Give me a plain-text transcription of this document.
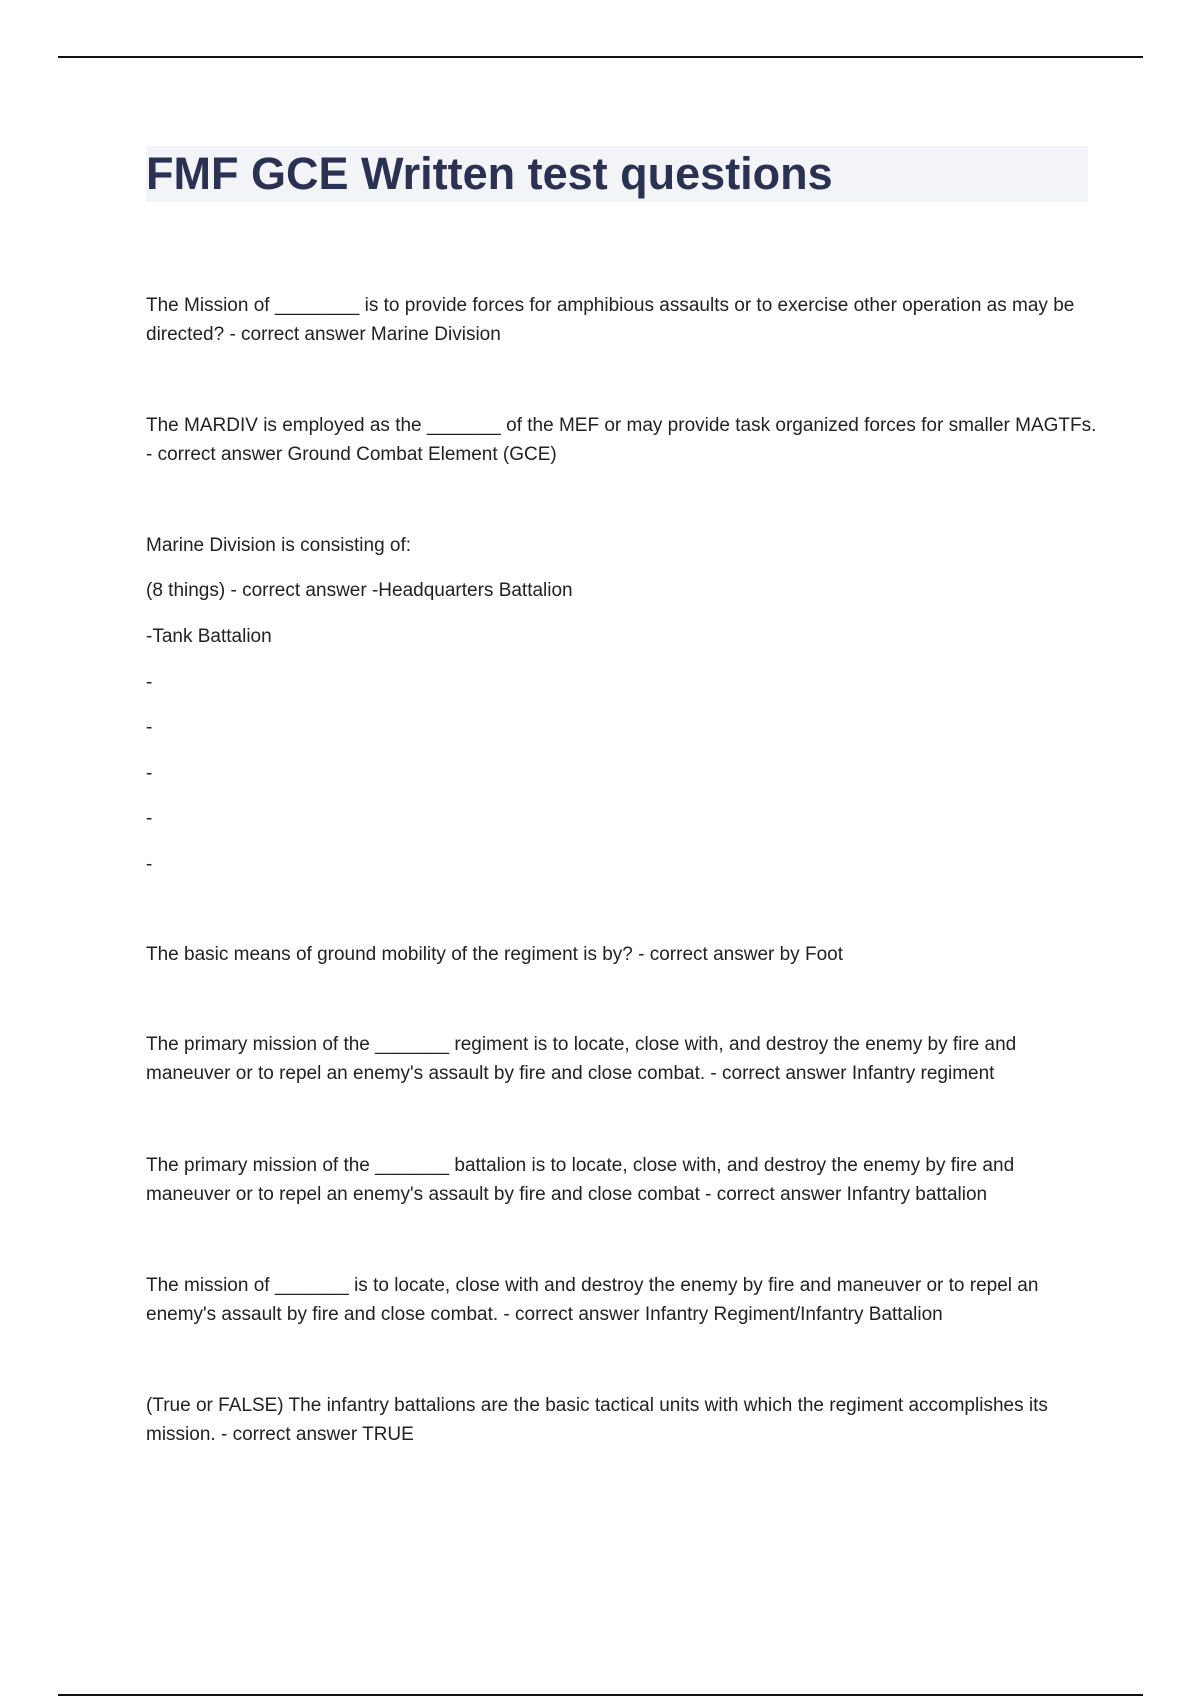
FMF GCE Written test questions

The Mission of ________ is to provide forces for amphibious assaults or to exercise other operation as may be directed? - correct answer Marine Division

The MARDIV is employed as the _______ of the MEF or may provide task organized forces for smaller MAGTFs. - correct answer Ground Combat Element (GCE)

Marine Division is consisting of:

(8 things) - correct answer -Headquarters Battalion

-Tank Battalion

-

-

-

-

-

The basic means of ground mobility of the regiment is by? - correct answer by Foot

The primary mission of the _______ regiment is to locate, close with, and destroy the enemy by fire and maneuver or to repel an enemy's assault by fire and close combat. - correct answer Infantry regiment

The primary mission of the _______ battalion is to locate, close with, and destroy the enemy by fire and maneuver or to repel an enemy's assault by fire and close combat - correct answer Infantry battalion

The mission of _______ is to locate, close with and destroy the enemy by fire and maneuver or to repel an enemy's assault by fire and close combat. - correct answer Infantry Regiment/Infantry Battalion

(True or FALSE) The infantry battalions are the basic tactical units with which the regiment accomplishes its mission. - correct answer TRUE
